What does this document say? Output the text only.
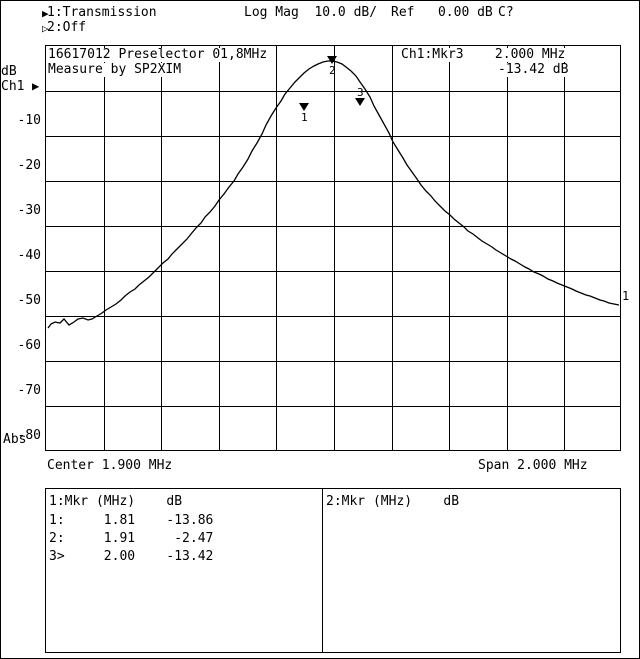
▶
1:Transmission
▷
2:Off
Log Mag  10.0 dB/ Ref   0.00 dB C?
dB
Ch1 ▶
Abs
1
2
3
16617012 Preselector 01,8MHz
Measure by SP2XIM
Ch1:Mkr3    2.000 MHz
-13.42 dB
-10
-20
-30
-40
-50
-60
-70
-80
1
Center 1.900 MHz	Span 2.000 MHz
1:Mkr (MHz)    dB	2:Mkr (MHz)    dB
1:     1.81    -13.86
2:     1.91     -2.47
3>     2.00    -13.42
